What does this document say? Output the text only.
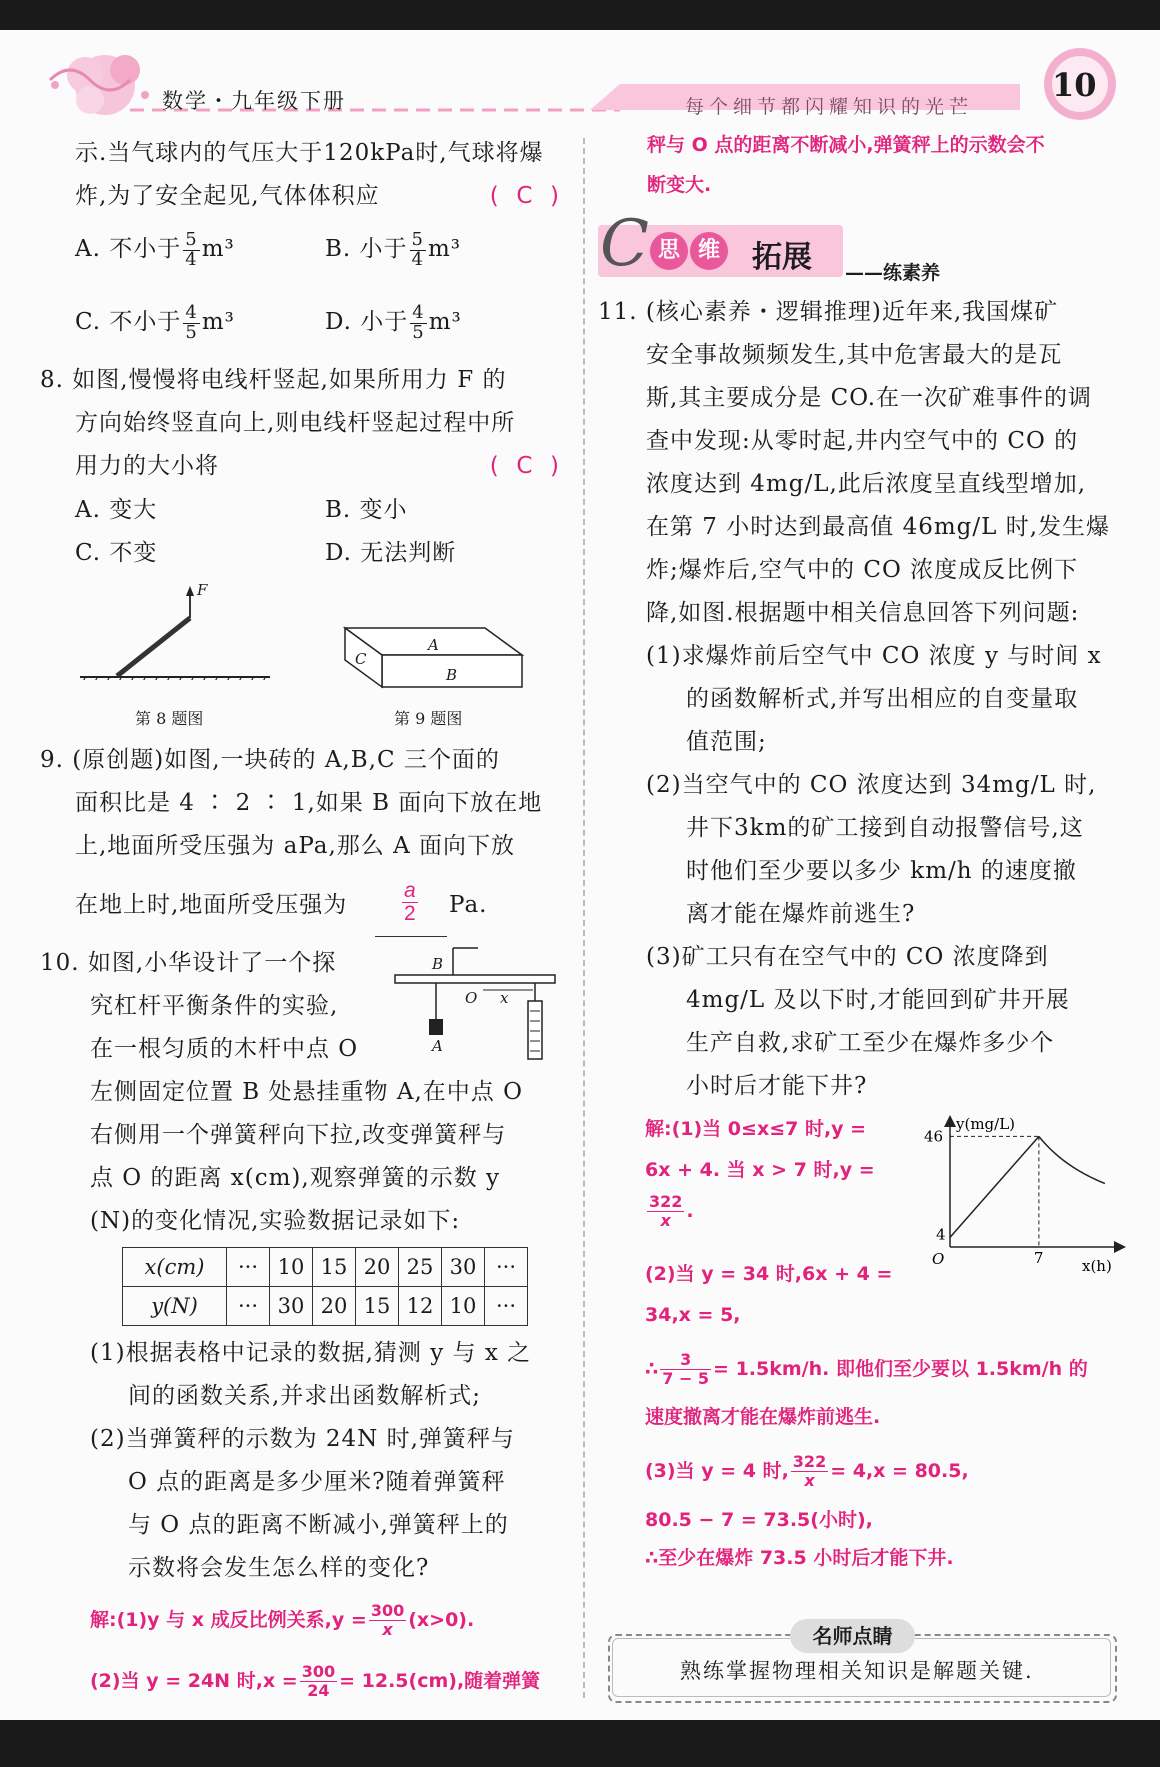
数学・九年级下册	每个细节都闪耀知识的光芒
10
示.当气球内的气压大于120kPa时,气球将爆炸,为了安全起见,气体体积应	(  C  )
A. 不小于 $\frac{5}{4} m^3$	B. 小于 $\frac{5}{4} m^3$
C. 不小于 $\frac{4}{5} m^3$	D. 小于 $\frac{4}{5} m^3$
8. 如图,慢慢将电线杆竖起,如果所用力 F 的
方向始终竖直向上,则电线杆竖起过程中所
用力的大小将	(  C  )
A. 变大	B. 变小
C. 不变	D. 无法判断
F
第 8 题图
A
B
C
第 9 题图
9. (原创题)如图,一块砖的 A,B,C 三个面的
面积比是 4 ∶ 2 ∶ 1,如果 B 面向下放在地
上,地面所受压强为 aPa,那么 A 面向下放
在地上时,地面所受压强为	$\frac{a}{2} Pa$.
10. 如图,小华设计了一个探
究杠杆平衡条件的实验,
在一根匀质的木杆中点 O
B
O x
A
左侧固定位置 B 处悬挂重物 A,在中点 O
右侧用一个弹簧秤向下拉,改变弹簧秤与
点 O 的距离 x(cm),观察弹簧的示数 y
(N)的变化情况,实验数据记录如下:
x(cm)	···	10	15	20	25	30	···
y(N)	···	30	20	15	12	10	···
(1)根据表格中记录的数据,猜测 y 与 x 之
间的函数关系,并求出函数解析式;
(2)当弹簧秤的示数为 24N 时,弹簧秤与
O 点的距离是多少厘米?随着弹簧秤
与 O 点的距离不断减小,弹簧秤上的
示数将会发生怎么样的变化?
解:(1)y 与 x 成反比例关系$,y = \frac{300}{x} (x>0)$.
(2)当 y = 24N 时$,x = \frac{300}{24} = 12.5(cm)$,随着弹簧
秤与 O 点的距离不断减小,弹簧秤上的示数会不
断变大.
C 思 维 拓展 ——练素养
11. (核心素养・逻辑推理)近年来,我国煤矿
安全事故频频发生,其中危害最大的是瓦
斯,其主要成分是 CO.在一次矿难事件的调
查中发现:从零时起,井内空气中的 CO 的
浓度达到 4mg/L,此后浓度呈直线型增加,
在第 7 小时达到最高值 46mg/L 时,发生爆
炸;爆炸后,空气中的 CO 浓度成反比例下
降,如图.根据题中相关信息回答下列问题:
(1)求爆炸前后空气中 CO 浓度 y 与时间 x
的函数解析式,并写出相应的自变量取
值范围;
(2)当空气中的 CO 浓度达到 34mg/L 时,
井下3km的矿工接到自动报警信号,这
时他们至少要以多少 km/h 的速度撤
离才能在爆炸前逃生?
(3)矿工只有在空气中的 CO 浓度降到
4mg/L 及以下时,才能回到矿井开展
生产自救,求矿工至少在爆炸多少个
小时后才能下井?
解:(1)当 0≤x≤7 时,y =
6x + 4. 当 x > 7 时,y =
$\frac{322}{x}$ .
(2)当 y = 34 时,6x + 4 =
34,x = 5,
∴ $\frac{3}{7 - 5} = 1.5km/h$. 即他们至少要以 1.5km/h 的
速度撤离才能在爆炸前逃生.
(3)当 y = 4 时, $\frac{322}{x} = 4,x = 80.5$,
80.5 − 7 = 73.5(小时),
∴至少在爆炸 73.5 小时后才能下井.
y(mg/L)
x(h)
O
46
4
7
名师点睛
熟练掌握物理相关知识是解题关键.
